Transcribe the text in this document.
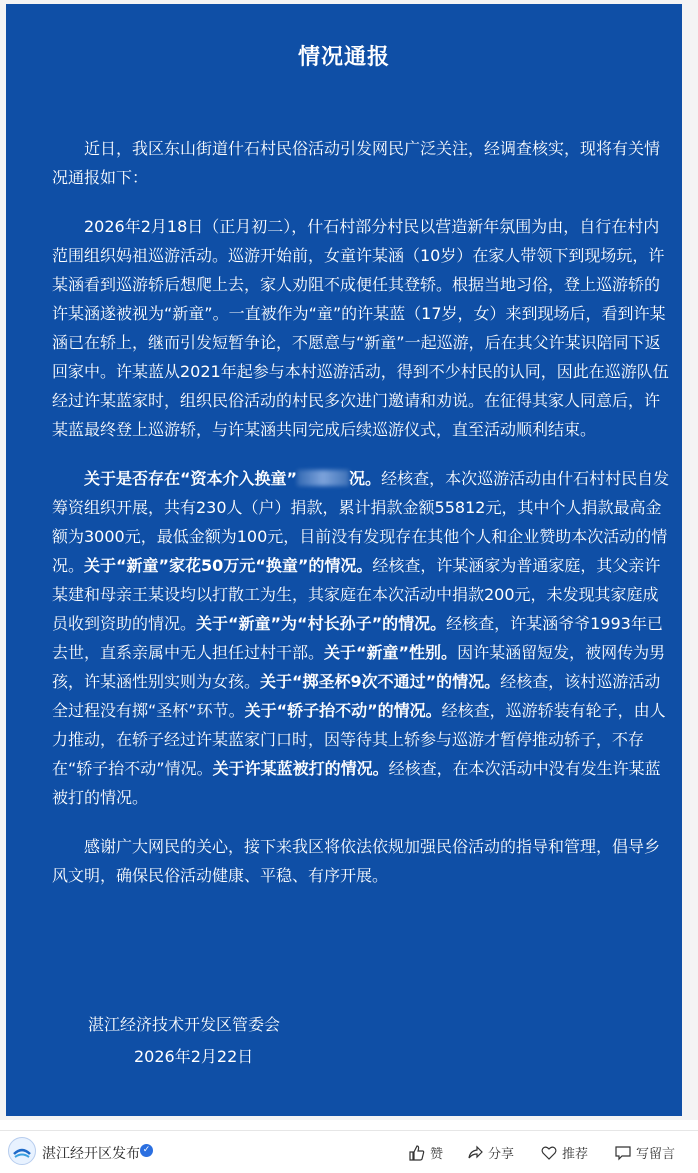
情况通报

近日，我区东山街道什石村民俗活动引发网民广泛关注，经调查核实，现将有关情况通报如下：

2026年2月18日（正月初二），什石村部分村民以营造新年氛围为由，自行在村内范围组织妈祖巡游活动。巡游开始前，女童许某涵（10岁）在家人带领下到现场玩，许某涵看到巡游轿后想爬上去，家人劝阻不成便任其登轿。根据当地习俗，登上巡游轿的许某涵遂被视为“新童”。一直被作为“童”的许某蓝（17岁，女）来到现场后，看到许某涵已在轿上，继而引发短暂争论，不愿意与“新童”一起巡游，后在其父许某识陪同下返回家中。许某蓝从2021年起参与本村巡游活动，得到不少村民的认同，因此在巡游队伍经过许某蓝家时，组织民俗活动的村民多次进门邀请和劝说。在征得其家人同意后，许某蓝最终登上巡游轿，与许某涵共同完成后续巡游仪式，直至活动顺利结束。

关于是否存在“资本介入换童”	况。经核查，本次巡游活动由什石村村民自发筹资组织开展，共有230人（户）捐款，累计捐款金额55812元，其中个人捐款最高金额为3000元，最低金额为100元，目前没有发现存在其他个人和企业赞助本次活动的情况。关于“新童”家花50万元“换童”的情况。经核查，许某涵家为普通家庭，其父亲许某建和母亲王某设均以打散工为生，其家庭在本次活动中捐款200元，未发现其家庭成员收到资助的情况。关于“新童”为“村长孙子”的情况。经核查，许某涵爷爷1993年已去世，直系亲属中无人担任过村干部。关于“新童”性别。因许某涵留短发，被网传为男孩，许某涵性别实则为女孩。关于“掷圣杯9次不通过”的情况。经核查，该村巡游活动全过程没有掷“圣杯”环节。关于“轿子抬不动”的情况。经核查，巡游轿装有轮子，由人力推动，在轿子经过许某蓝家门口时，因等待其上轿参与巡游才暂停推动轿子，不存在“轿子抬不动”情况。关于许某蓝被打的情况。经核查，在本次活动中没有发生许某蓝被打的情况。

感谢广大网民的关心，接下来我区将依法依规加强民俗活动的指导和管理，倡导乡风文明，确保民俗活动健康、平稳、有序开展。

湛江经济技术开发区管委会
2026年2月22日
湛江经开区发布 ✓	赞	分享	推荐	写留言
